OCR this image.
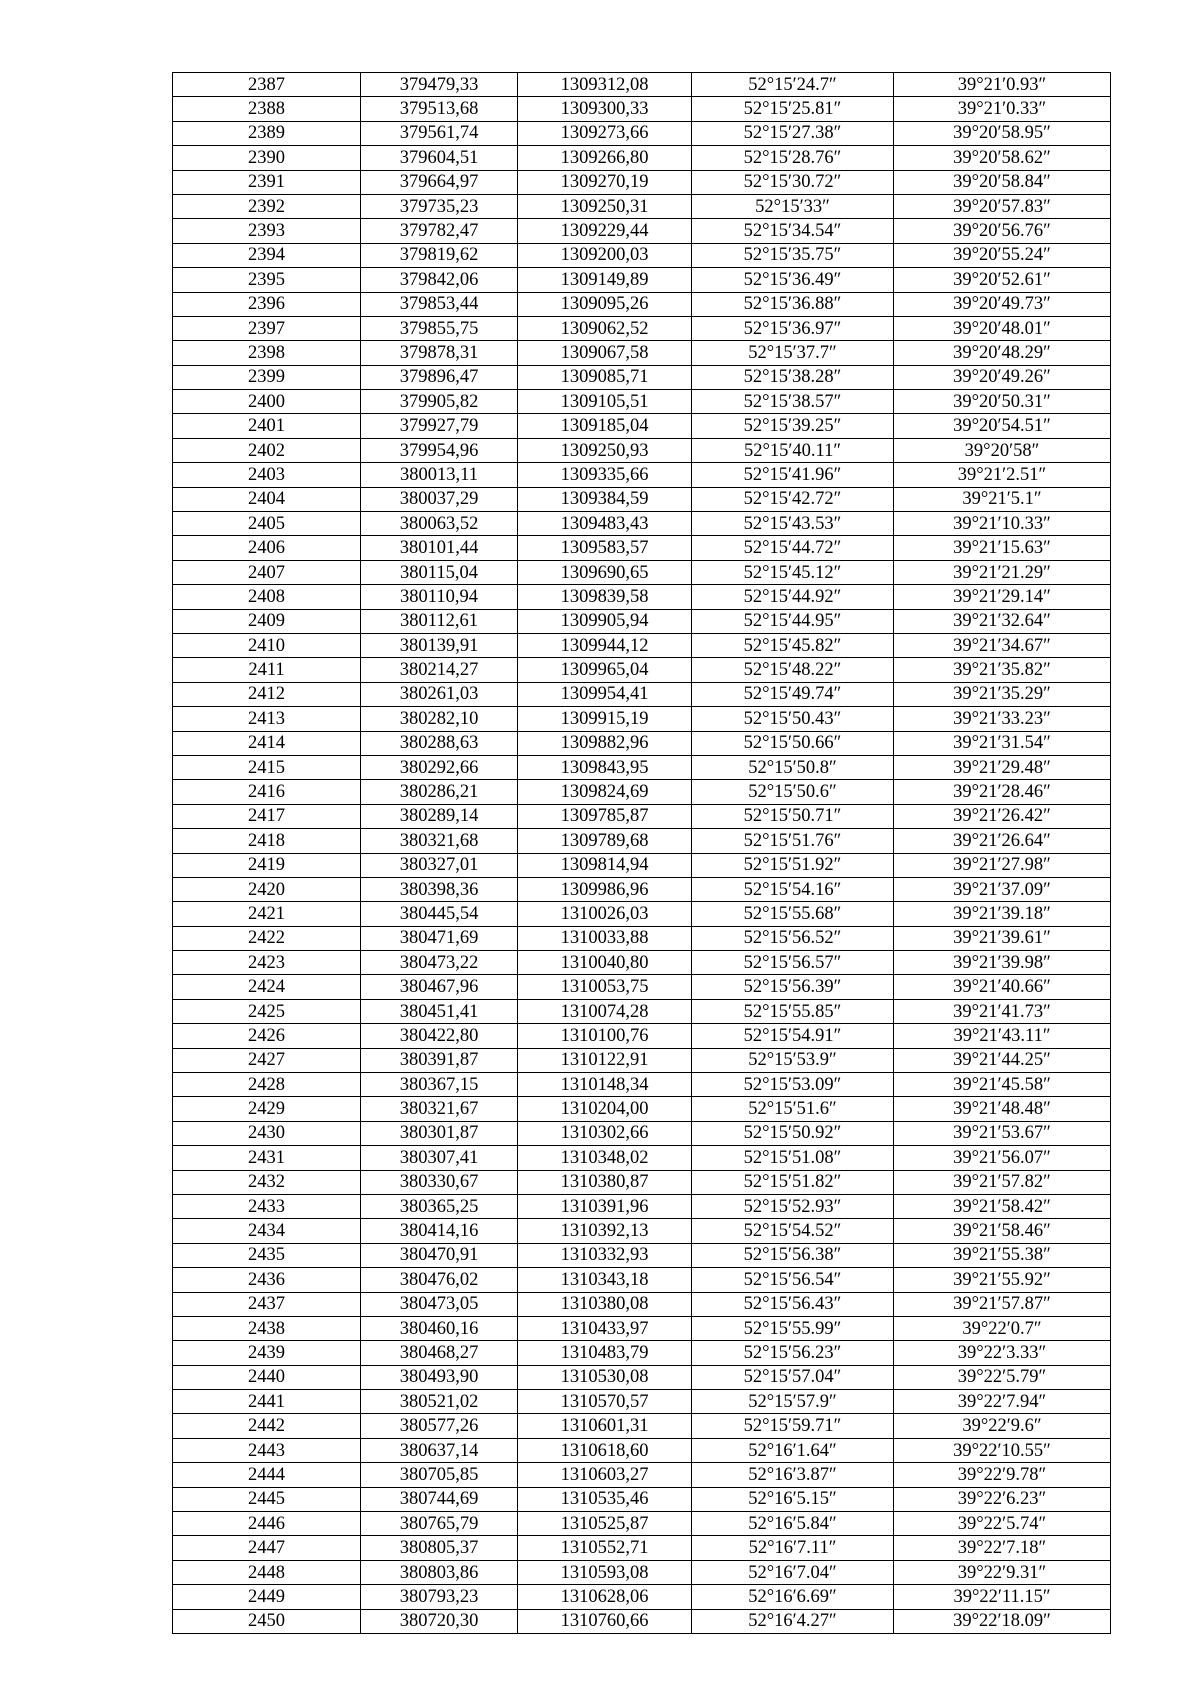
2387	379479,33	1309312,08	52°15′24.7″	39°21′0.93″
2388	379513,68	1309300,33	52°15′25.81″	39°21′0.33″
2389	379561,74	1309273,66	52°15′27.38″	39°20′58.95″
2390	379604,51	1309266,80	52°15′28.76″	39°20′58.62″
2391	379664,97	1309270,19	52°15′30.72″	39°20′58.84″
2392	379735,23	1309250,31	52°15′33″	39°20′57.83″
2393	379782,47	1309229,44	52°15′34.54″	39°20′56.76″
2394	379819,62	1309200,03	52°15′35.75″	39°20′55.24″
2395	379842,06	1309149,89	52°15′36.49″	39°20′52.61″
2396	379853,44	1309095,26	52°15′36.88″	39°20′49.73″
2397	379855,75	1309062,52	52°15′36.97″	39°20′48.01″
2398	379878,31	1309067,58	52°15′37.7″	39°20′48.29″
2399	379896,47	1309085,71	52°15′38.28″	39°20′49.26″
2400	379905,82	1309105,51	52°15′38.57″	39°20′50.31″
2401	379927,79	1309185,04	52°15′39.25″	39°20′54.51″
2402	379954,96	1309250,93	52°15′40.11″	39°20′58″
2403	380013,11	1309335,66	52°15′41.96″	39°21′2.51″
2404	380037,29	1309384,59	52°15′42.72″	39°21′5.1″
2405	380063,52	1309483,43	52°15′43.53″	39°21′10.33″
2406	380101,44	1309583,57	52°15′44.72″	39°21′15.63″
2407	380115,04	1309690,65	52°15′45.12″	39°21′21.29″
2408	380110,94	1309839,58	52°15′44.92″	39°21′29.14″
2409	380112,61	1309905,94	52°15′44.95″	39°21′32.64″
2410	380139,91	1309944,12	52°15′45.82″	39°21′34.67″
2411	380214,27	1309965,04	52°15′48.22″	39°21′35.82″
2412	380261,03	1309954,41	52°15′49.74″	39°21′35.29″
2413	380282,10	1309915,19	52°15′50.43″	39°21′33.23″
2414	380288,63	1309882,96	52°15′50.66″	39°21′31.54″
2415	380292,66	1309843,95	52°15′50.8″	39°21′29.48″
2416	380286,21	1309824,69	52°15′50.6″	39°21′28.46″
2417	380289,14	1309785,87	52°15′50.71″	39°21′26.42″
2418	380321,68	1309789,68	52°15′51.76″	39°21′26.64″
2419	380327,01	1309814,94	52°15′51.92″	39°21′27.98″
2420	380398,36	1309986,96	52°15′54.16″	39°21′37.09″
2421	380445,54	1310026,03	52°15′55.68″	39°21′39.18″
2422	380471,69	1310033,88	52°15′56.52″	39°21′39.61″
2423	380473,22	1310040,80	52°15′56.57″	39°21′39.98″
2424	380467,96	1310053,75	52°15′56.39″	39°21′40.66″
2425	380451,41	1310074,28	52°15′55.85″	39°21′41.73″
2426	380422,80	1310100,76	52°15′54.91″	39°21′43.11″
2427	380391,87	1310122,91	52°15′53.9″	39°21′44.25″
2428	380367,15	1310148,34	52°15′53.09″	39°21′45.58″
2429	380321,67	1310204,00	52°15′51.6″	39°21′48.48″
2430	380301,87	1310302,66	52°15′50.92″	39°21′53.67″
2431	380307,41	1310348,02	52°15′51.08″	39°21′56.07″
2432	380330,67	1310380,87	52°15′51.82″	39°21′57.82″
2433	380365,25	1310391,96	52°15′52.93″	39°21′58.42″
2434	380414,16	1310392,13	52°15′54.52″	39°21′58.46″
2435	380470,91	1310332,93	52°15′56.38″	39°21′55.38″
2436	380476,02	1310343,18	52°15′56.54″	39°21′55.92″
2437	380473,05	1310380,08	52°15′56.43″	39°21′57.87″
2438	380460,16	1310433,97	52°15′55.99″	39°22′0.7″
2439	380468,27	1310483,79	52°15′56.23″	39°22′3.33″
2440	380493,90	1310530,08	52°15′57.04″	39°22′5.79″
2441	380521,02	1310570,57	52°15′57.9″	39°22′7.94″
2442	380577,26	1310601,31	52°15′59.71″	39°22′9.6″
2443	380637,14	1310618,60	52°16′1.64″	39°22′10.55″
2444	380705,85	1310603,27	52°16′3.87″	39°22′9.78″
2445	380744,69	1310535,46	52°16′5.15″	39°22′6.23″
2446	380765,79	1310525,87	52°16′5.84″	39°22′5.74″
2447	380805,37	1310552,71	52°16′7.11″	39°22′7.18″
2448	380803,86	1310593,08	52°16′7.04″	39°22′9.31″
2449	380793,23	1310628,06	52°16′6.69″	39°22′11.15″
2450	380720,30	1310760,66	52°16′4.27″	39°22′18.09″
